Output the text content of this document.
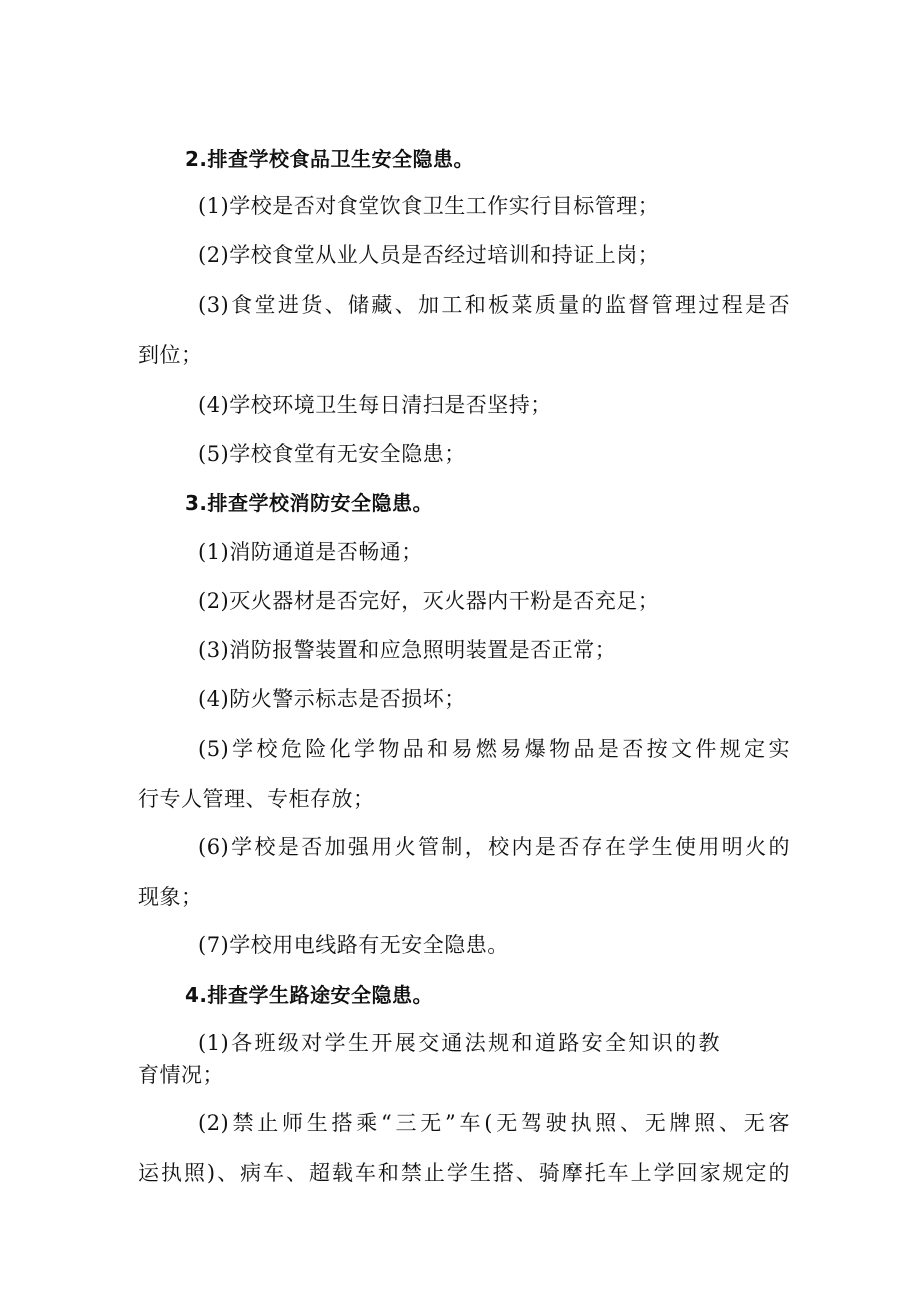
2.排查学校食品卫生安全隐患。
(1)学校是否对食堂饮食卫生工作实行目标管理；
(2)学校食堂从业人员是否经过培训和持证上岗；
(3)食堂进货、储藏、加工和板菜质量的监督管理过程是否
到位；
(4)学校环境卫生每日清扫是否坚持；
(5)学校食堂有无安全隐患；
3.排查学校消防安全隐患。
(1)消防通道是否畅通；
(2)灭火器材是否完好，灭火器内干粉是否充足；
(3)消防报警装置和应急照明装置是否正常；
(4)防火警示标志是否损坏；
(5)学校危险化学物品和易燃易爆物品是否按文件规定实
行专人管理、专柜存放；
(6)学校是否加强用火管制，校内是否存在学生使用明火的
现象；
(7)学校用电线路有无安全隐患。
4.排查学生路途安全隐患。
(1)各班级对学生开展交通法规和道路安全知识的教
育情况；
(2)禁止师生搭乘“三无”车(无驾驶执照、无牌照、无客
运执照)、病车、超载车和禁止学生搭、骑摩托车上学回家规定的
